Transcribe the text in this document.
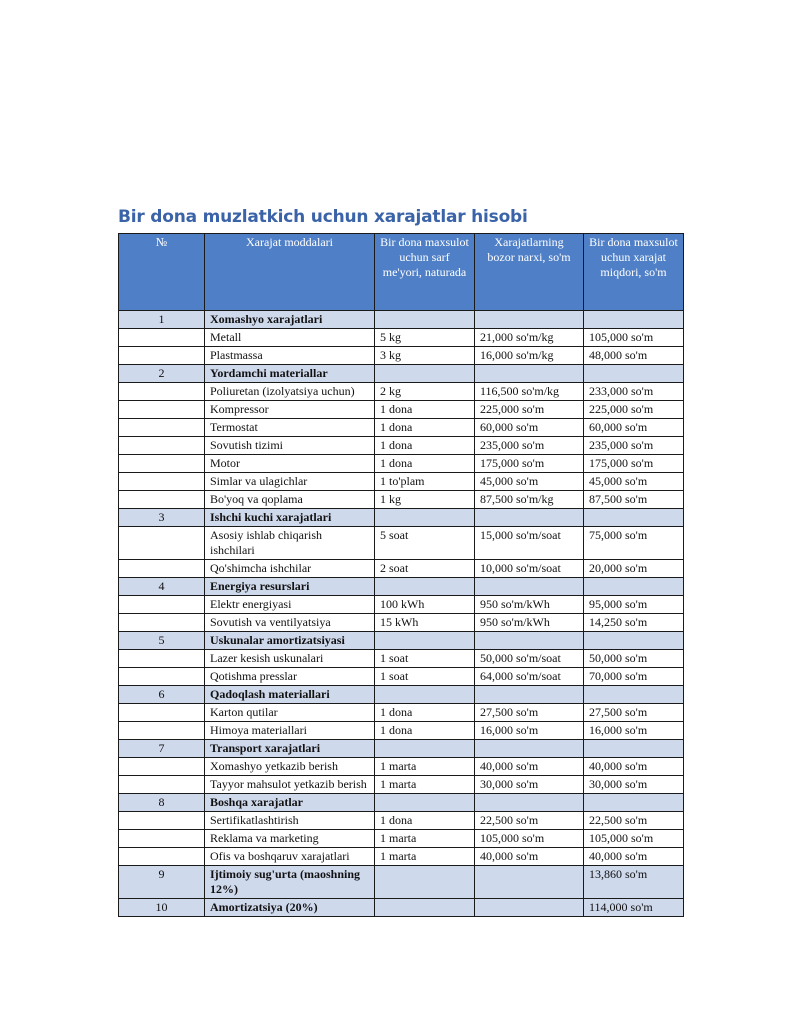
Bir dona muzlatkich uchun xarajatlar hisobi
№	Xarajat moddalari	Bir dona maxsulot uchun sarf me'yori, naturada	Xarajatlarning bozor narxi, so'm	Bir dona maxsulot uchun xarajat miqdori, so'm
1	Xomashyo xarajatlari			
	Metall	5 kg	21,000 so'm/kg	105,000 so'm
	Plastmassa	3 kg	16,000 so'm/kg	48,000 so'm
2	Yordamchi materiallar			
	Poliuretan (izolyatsiya uchun)	2 kg	116,500 so'm/kg	233,000 so'm
	Kompressor	1 dona	225,000 so'm	225,000 so'm
	Termostat	1 dona	60,000 so'm	60,000 so'm
	Sovutish tizimi	1 dona	235,000 so'm	235,000 so'm
	Motor	1 dona	175,000 so'm	175,000 so'm
	Simlar va ulagichlar	1 to'plam	45,000 so'm	45,000 so'm
	Bo'yoq va qoplama	1 kg	87,500 so'm/kg	87,500 so'm
3	Ishchi kuchi xarajatlari			
	Asosiy ishlab chiqarish ishchilari	5 soat	15,000 so'm/soat	75,000 so'm
	Qo'shimcha ishchilar	2 soat	10,000 so'm/soat	20,000 so'm
4	Energiya resurslari			
	Elektr energiyasi	100 kWh	950 so'm/kWh	95,000 so'm
	Sovutish va ventilyatsiya	15 kWh	950 so'm/kWh	14,250 so'm
5	Uskunalar amortizatsiyasi			
	Lazer kesish uskunalari	1 soat	50,000 so'm/soat	50,000 so'm
	Qotishma presslar	1 soat	64,000 so'm/soat	70,000 so'm
6	Qadoqlash materiallari			
	Karton qutilar	1 dona	27,500 so'm	27,500 so'm
	Himoya materiallari	1 dona	16,000 so'm	16,000 so'm
7	Transport xarajatlari			
	Xomashyo yetkazib berish	1 marta	40,000 so'm	40,000 so'm
	Tayyor mahsulot yetkazib berish	1 marta	30,000 so'm	30,000 so'm
8	Boshqa xarajatlar			
	Sertifikatlashtirish	1 dona	22,500 so'm	22,500 so'm
	Reklama va marketing	1 marta	105,000 so'm	105,000 so'm
	Ofis va boshqaruv xarajatlari	1 marta	40,000 so'm	40,000 so'm
9	Ijtimoiy sug'urta (maoshning 12%)			13,860 so'm
10	Amortizatsiya (20%)			114,000 so'm
